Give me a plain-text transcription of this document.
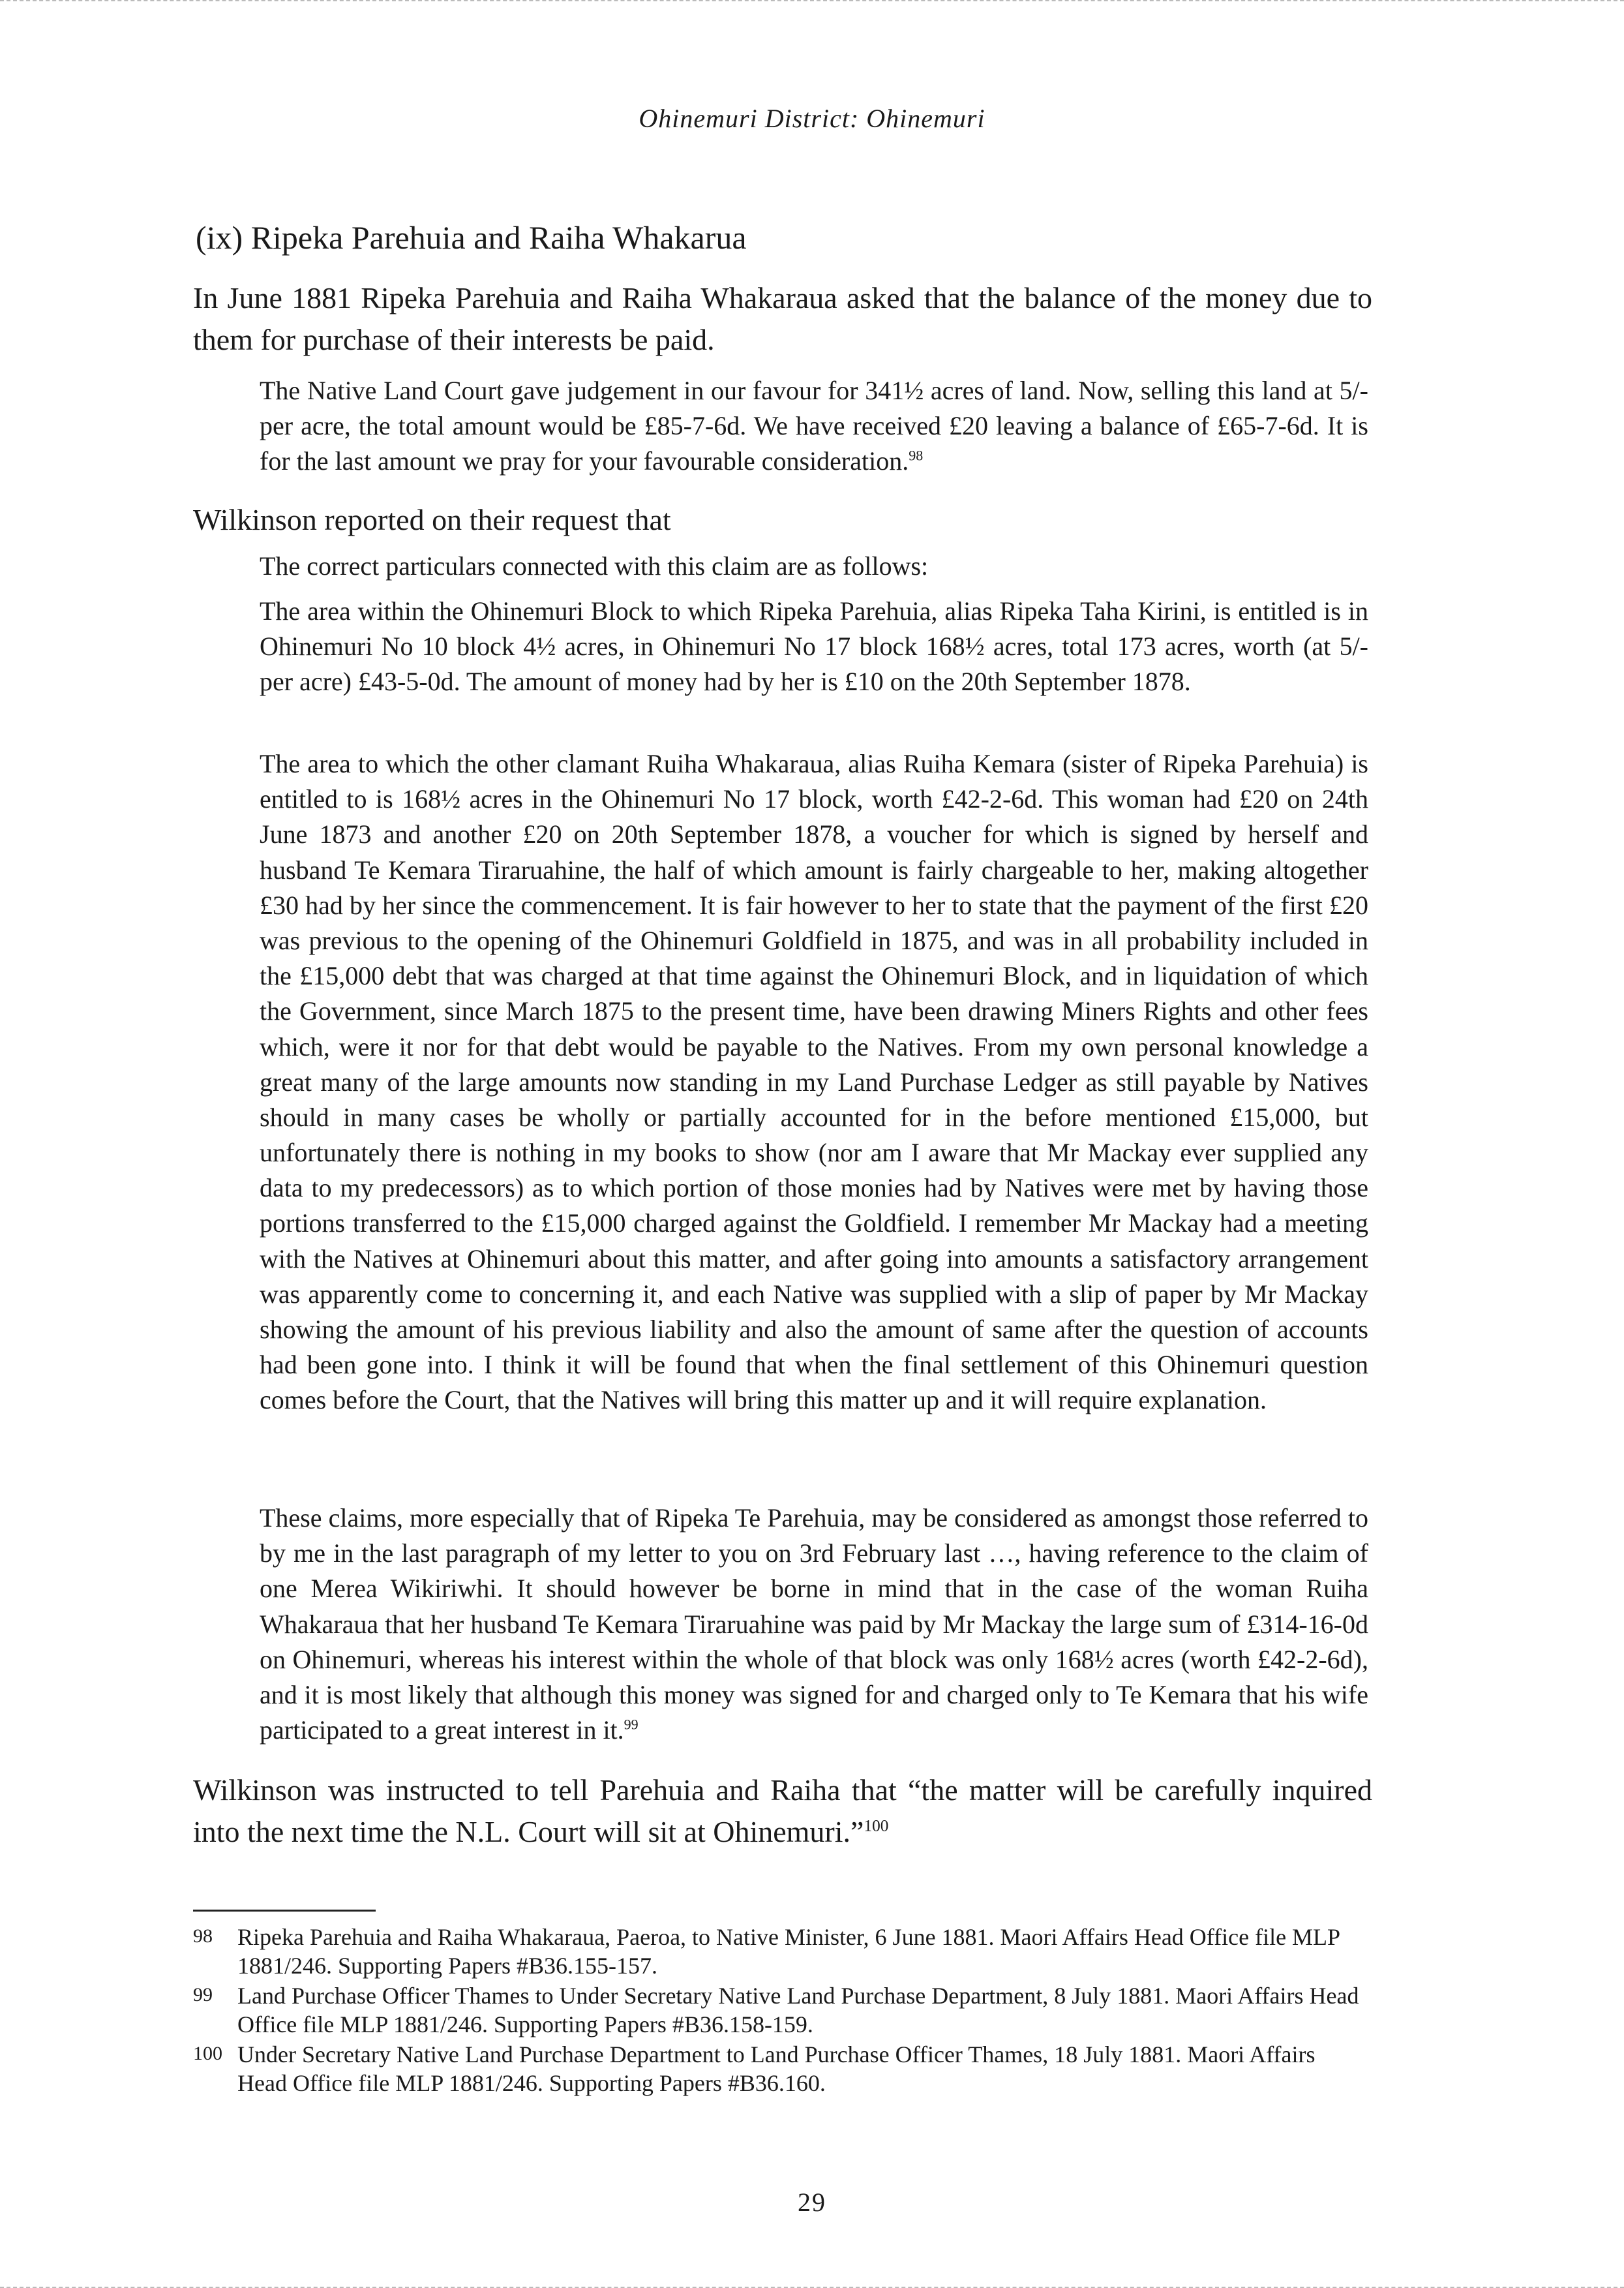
Ohinemuri District: Ohinemuri
(ix) Ripeka Parehuia and Raiha Whakarua

In June 1881 Ripeka Parehuia and Raiha Whakaraua asked that the balance of the money due to them for purchase of their interests be paid.

The Native Land Court gave judgement in our favour for 341½ acres of land. Now, selling this land at 5/- per acre, the total amount would be £85-7-6d. We have received £20 leaving a balance of £65-7-6d. It is for the last amount we pray for your favourable consideration.$^{98}$

Wilkinson reported on their request that

The correct particulars connected with this claim are as follows:

The area within the Ohinemuri Block to which Ripeka Parehuia, alias Ripeka Taha Kirini, is entitled is in Ohinemuri No 10 block 4½ acres, in Ohinemuri No 17 block 168½ acres, total 173 acres, worth (at 5/- per acre) £43-5-0d. The amount of money had by her is £10 on the 20th September 1878.

The area to which the other clamant Ruiha Whakaraua, alias Ruiha Kemara (sister of Ripeka Parehuia) is entitled to is 168½ acres in the Ohinemuri No 17 block, worth £42-2-6d. This woman had £20 on 24th June 1873 and another £20 on 20th September 1878, a voucher for which is signed by herself and husband Te Kemara Tiraruahine, the half of which amount is fairly chargeable to her, making altogether £30 had by her since the commencement. It is fair however to her to state that the payment of the first £20 was previous to the opening of the Ohinemuri Goldfield in 1875, and was in all probability included in the £15,000 debt that was charged at that time against the Ohinemuri Block, and in liquidation of which the Government, since March 1875 to the present time, have been drawing Miners Rights and other fees which, were it nor for that debt would be payable to the Natives. From my own personal knowledge a great many of the large amounts now standing in my Land Purchase Ledger as still payable by Natives should in many cases be wholly or partially accounted for in the before mentioned £15,000, but unfortunately there is nothing in my books to show (nor am I aware that Mr Mackay ever supplied any data to my predecessors) as to which portion of those monies had by Natives were met by having those portions transferred to the £15,000 charged against the Goldfield. I remember Mr Mackay had a meeting with the Natives at Ohinemuri about this matter, and after going into amounts a satisfactory arrangement was apparently come to concerning it, and each Native was supplied with a slip of paper by Mr Mackay showing the amount of his previous liability and also the amount of same after the question of accounts had been gone into. I think it will be found that when the final settlement of this Ohinemuri question comes before the Court, that the Natives will bring this matter up and it will require explanation.

These claims, more especially that of Ripeka Te Parehuia, may be considered as amongst those referred to by me in the last paragraph of my letter to you on 3rd February last …, having reference to the claim of one Merea Wikiriwhi. It should however be borne in mind that in the case of the woman Ruiha Whakaraua that her husband Te Kemara Tiraruahine was paid by Mr Mackay the large sum of £314-16-0d on Ohinemuri, whereas his interest within the whole of that block was only 168½ acres (worth £42-2-6d), and it is most likely that although this money was signed for and charged only to Te Kemara that his wife participated to a great interest in it.$^{99}$

Wilkinson was instructed to tell Parehuia and Raiha that “the matter will be carefully inquired into the next time the N.L. Court will sit at Ohinemuri.”$^{100}$

98	Ripeka Parehuia and Raiha Whakaraua, Paeroa, to Native Minister, 6 June 1881. Maori Affairs Head Office file MLP 1881/246. Supporting Papers #B36.155-157.
99	Land Purchase Officer Thames to Under Secretary Native Land Purchase Department, 8 July 1881. Maori Affairs Head Office file MLP 1881/246. Supporting Papers #B36.158-159.
100 Under Secretary Native Land Purchase Department to Land Purchase Officer Thames, 18 July 1881. Maori Affairs Head Office file MLP 1881/246. Supporting Papers #B36.160.
29
